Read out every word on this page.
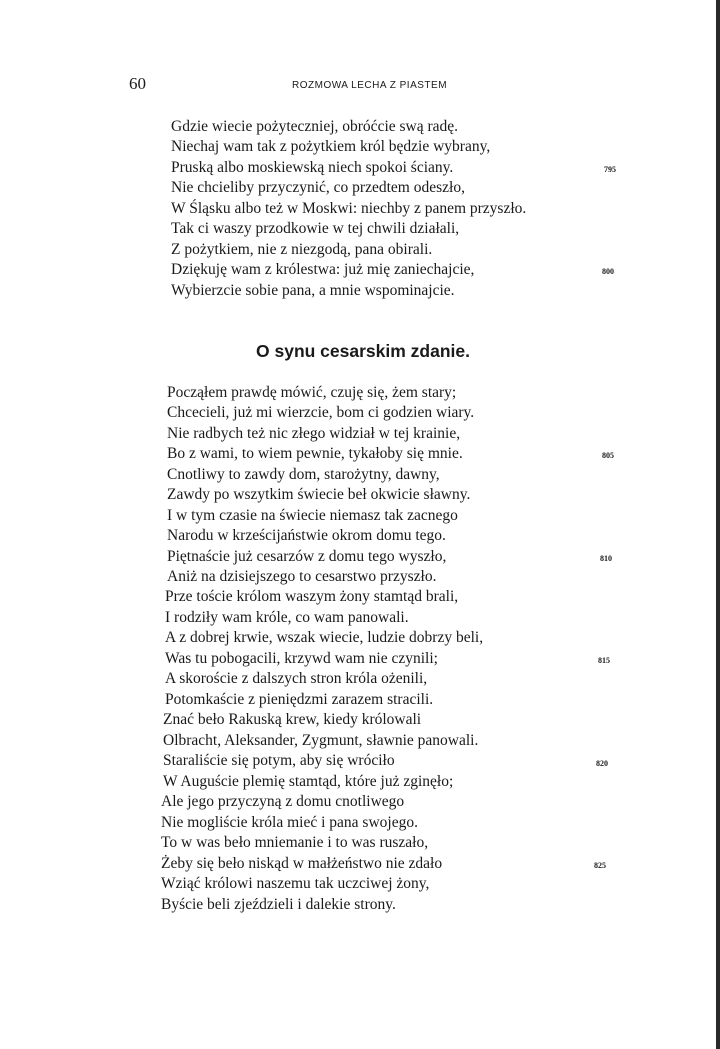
60	ROZMOWA LECHA Z PIASTEM
Gdzie wiecie pożyteczniej, obróćcie swą radę.
Niechaj wam tak z pożytkiem król będzie wybrany,
Pruską albo moskiewską niech spokoi ściany.
Nie chcieliby przyczynić, co przedtem odeszło,
W Śląsku albo też w Moskwi: niechby z panem przyszło.
Tak ci waszy przodkowie w tej chwili działali,
Z pożytkiem, nie z niezgodą, pana obirali.
Dziękuję wam z królestwa: już mię zaniechajcie,
Wybierzcie sobie pana, a mnie wspominajcie.
795
800
O synu cesarskim zdanie.
Począłem prawdę mówić, czuję się, żem stary;
Chcecieli, już mi wierzcie, bom ci godzien wiary.
Nie radbych też nic złego widział w tej krainie,
Bo z wami, to wiem pewnie, tykałoby się mnie.
Cnotliwy to zawdy dom, starożytny, dawny,
Zawdy po wszytkim świecie beł okwicie sławny.
I w tym czasie na świecie niemasz tak zacnego
Narodu w krześcijaństwie okrom domu tego.
Piętnaście już cesarzów z domu tego wyszło,
Aniż na dzisiejszego to cesarstwo przyszło.
Prze toście królom waszym żony stamtąd brali,
I rodziły wam króle, co wam panowali.
A z dobrej krwie, wszak wiecie, ludzie dobrzy beli,
Was tu pobogacili, krzywd wam nie czynili;
A skoroście z dalszych stron króla ożenili,
Potomkaście z pieniędzmi zarazem stracili.
Znać beło Rakuską krew, kiedy królowali
Olbracht, Aleksander, Zygmunt, sławnie panowali.
Staraliście się potym, aby się wróciło
W Auguście plemię stamtąd, które już zginęło;
Ale jego przyczyną z domu cnotliwego
Nie mogliście króla mieć i pana swojego.
To w was beło mniemanie i to was ruszało,
Żeby się beło niskąd w małżeństwo nie zdało
Wziąć królowi naszemu tak uczciwej żony,
Byście beli zjeździeli i dalekie strony.
805
810
815
820
825
